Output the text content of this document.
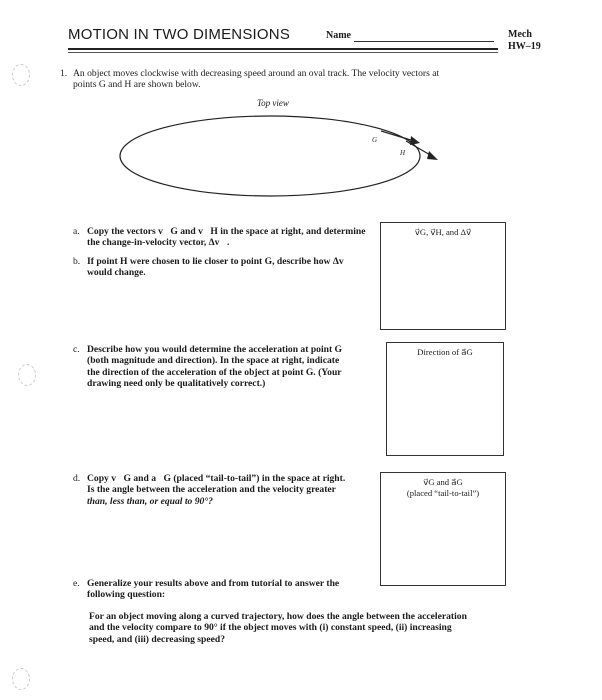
MOTION IN TWO DIMENSIONS	Name	Mech
HW–19
1. An object moves clockwise with decreasing speed around an oval track. The velocity vectors at
points G and H are shown below.
Top view
G
H
a. Copy the vectors v⃗G and v⃗H in the space at right, and determine
the change-in-velocity vector, Δv⃗.
b. If point H were chosen to lie closer to point G, describe how Δv⃗
would change.
v⃗G, v⃗H, and Δv⃗
c. Describe how you would determine the acceleration at point G
(both magnitude and direction). In the space at right, indicate
the direction of the acceleration of the object at point G. (Your
drawing need only be qualitatively correct.)
Direction of a⃗G
d. Copy v⃗G and a⃗G (placed “tail-to-tail”) in the space at right.
Is the angle between the acceleration and the velocity greater
than, less than, or equal to 90°?
v⃗G and a⃗G
(placed “tail-to-tail”)
e. Generalize your results above and from tutorial to answer the
following question:
For an object moving along a curved trajectory, how does the angle between the acceleration
and the velocity compare to 90° if the object moves with (i) constant speed, (ii) increasing
speed, and (iii) decreasing speed?
